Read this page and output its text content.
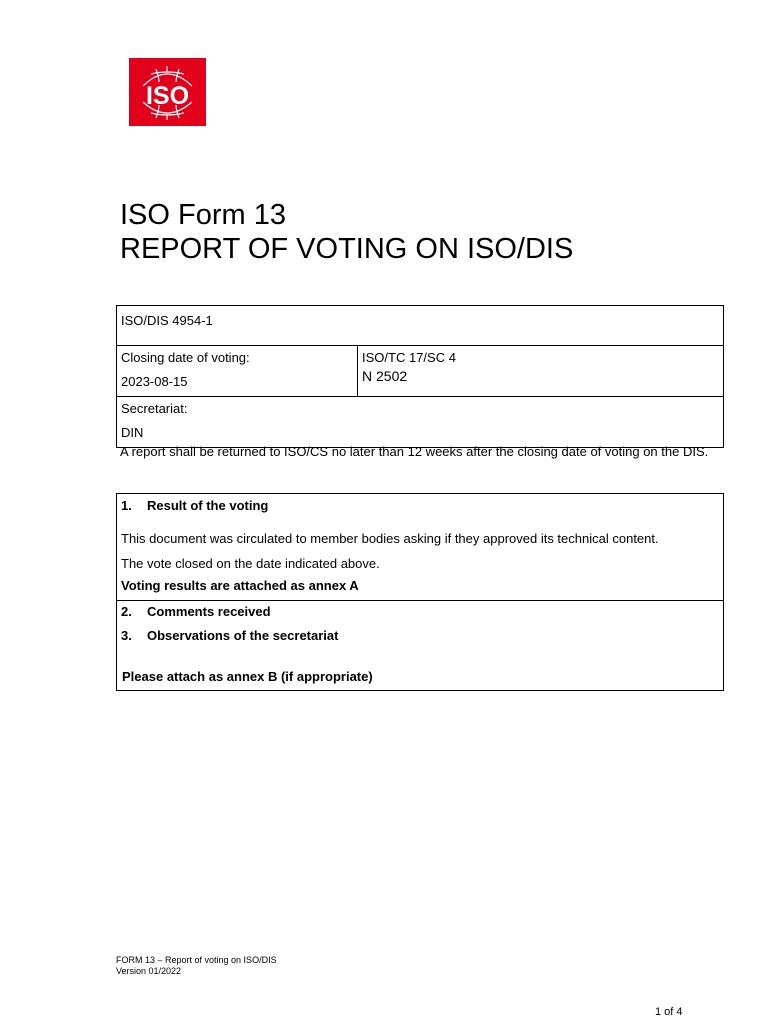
ISO
ISO Form 13
REPORT OF VOTING ON ISO/DIS
ISO/DIS 4954-1

Closing date of voting:
2023-08-15

ISO/TC 17/SC 4
N 2502

Secretariat:
DIN
A report shall be returned to ISO/CS no later than 12 weeks after the closing date of voting on the DIS.
1. Result of the voting
This document was circulated to member bodies asking if they approved its technical content.
The vote closed on the date indicated above.
Voting results are attached as annex A

2. Comments received
3. Observations of the secretariat
Please attach as annex B (if appropriate)
FORM 13 – Report of voting on ISO/DIS
Version 01/2022
1 of 4
